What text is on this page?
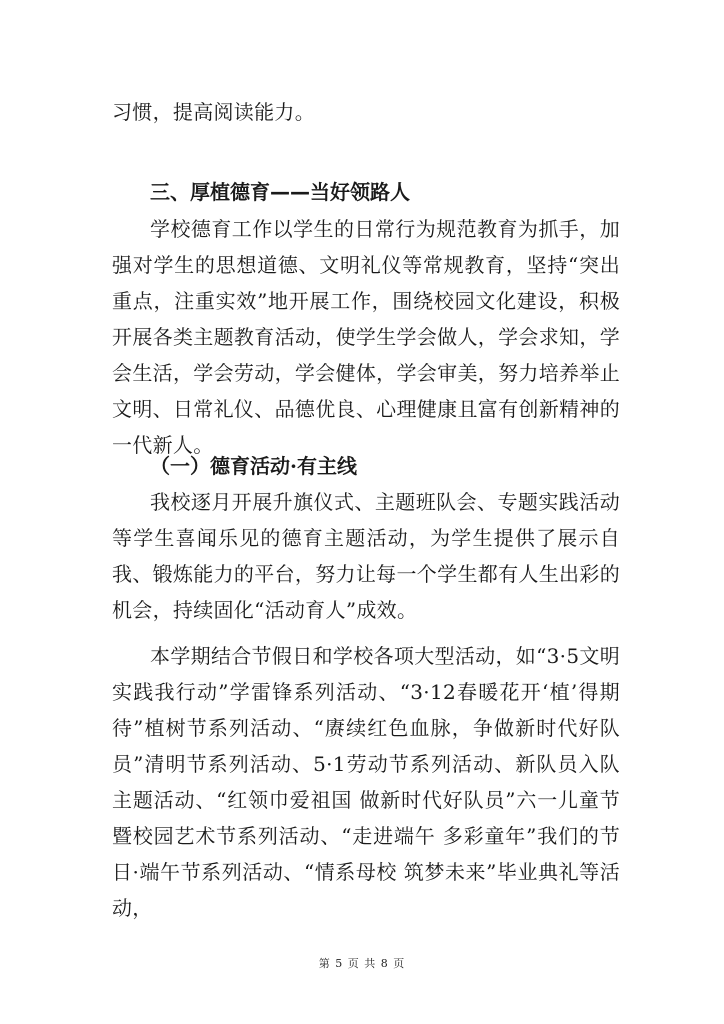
习惯，提高阅读能力。
三、厚植德育——当好领路人
学校德育工作以学生的日常行为规范教育为抓手，加强对学生的思想道德、文明礼仪等常规教育，坚持“突出重点，注重实效”地开展工作，围绕校园文化建设，积极开展各类主题教育活动，使学生学会做人，学会求知，学会生活，学会劳动，学会健体，学会审美，努力培养举止文明、日常礼仪、品德优良、心理健康且富有创新精神的一代新人。
（一）德育活动·有主线
我校逐月开展升旗仪式、主题班队会、专题实践活动等学生喜闻乐见的德育主题活动，为学生提供了展示自我、锻炼能力的平台，努力让每一个学生都有人生出彩的机会，持续固化“活动育人”成效。
本学期结合节假日和学校各项大型活动，如“3·5文明实践我行动”学雷锋系列活动、“3·12春暖花开‘植’得期待”植树节系列活动、“赓续红色血脉，争做新时代好队员”清明节系列活动、5·1劳动节系列活动、新队员入队主题活动、“红领巾爱祖国 做新时代好队员”六一儿童节暨校园艺术节系列活动、“走进端午 多彩童年”我们的节日·端午节系列活动、“情系母校 筑梦未来”毕业典礼等活动，
第 5 页 共 8 页
